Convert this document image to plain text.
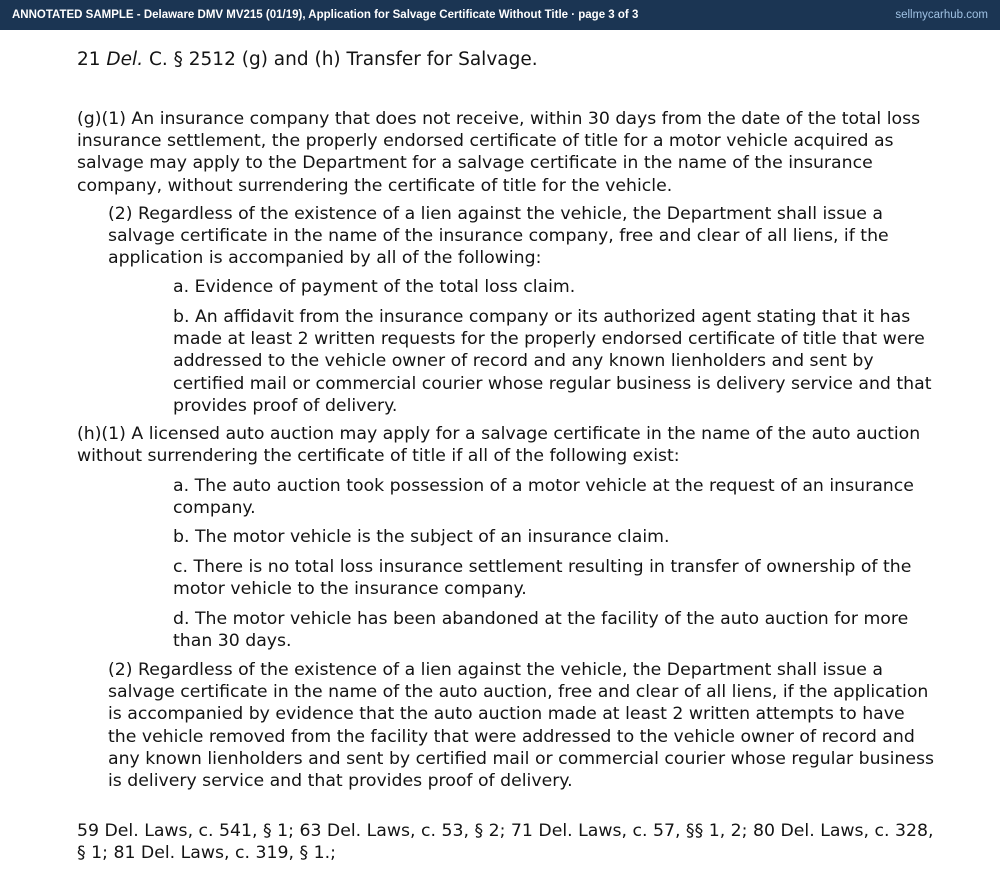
ANNOTATED SAMPLE - Delaware DMV MV215 (01/19), Application for Salvage Certificate Without Title · page 3 of 3	sellmycarhub.com

21 Del. C. § 2512 (g) and (h) Transfer for Salvage.

(g)(1) An insurance company that does not receive, within 30 days from the date of the total loss insurance settlement, the properly endorsed certificate of title for a motor vehicle acquired as salvage may apply to the Department for a salvage certificate in the name of the insurance company, without surrendering the certificate of title for the vehicle.

(2) Regardless of the existence of a lien against the vehicle, the Department shall issue a salvage certificate in the name of the insurance company, free and clear of all liens, if the application is accompanied by all of the following:

a. Evidence of payment of the total loss claim.

b. An affidavit from the insurance company or its authorized agent stating that it has made at least 2 written requests for the properly endorsed certificate of title that were addressed to the vehicle owner of record and any known lienholders and sent by certified mail or commercial courier whose regular business is delivery service and that provides proof of delivery.

(h)(1) A licensed auto auction may apply for a salvage certificate in the name of the auto auction without surrendering the certificate of title if all of the following exist:

a. The auto auction took possession of a motor vehicle at the request of an insurance company.

b. The motor vehicle is the subject of an insurance claim.

c. There is no total loss insurance settlement resulting in transfer of ownership of the motor vehicle to the insurance company.

d. The motor vehicle has been abandoned at the facility of the auto auction for more than 30 days.

(2) Regardless of the existence of a lien against the vehicle, the Department shall issue a salvage certificate in the name of the auto auction, free and clear of all liens, if the application is accompanied by evidence that the auto auction made at least 2 written attempts to have the vehicle removed from the facility that were addressed to the vehicle owner of record and any known lienholders and sent by certified mail or commercial courier whose regular business is delivery service and that provides proof of delivery.

59 Del. Laws, c. 541, § 1; 63 Del. Laws, c. 53, § 2; 71 Del. Laws, c. 57, §§ 1, 2; 80 Del. Laws, c. 328, § 1; 81 Del. Laws, c. 319, § 1.;
